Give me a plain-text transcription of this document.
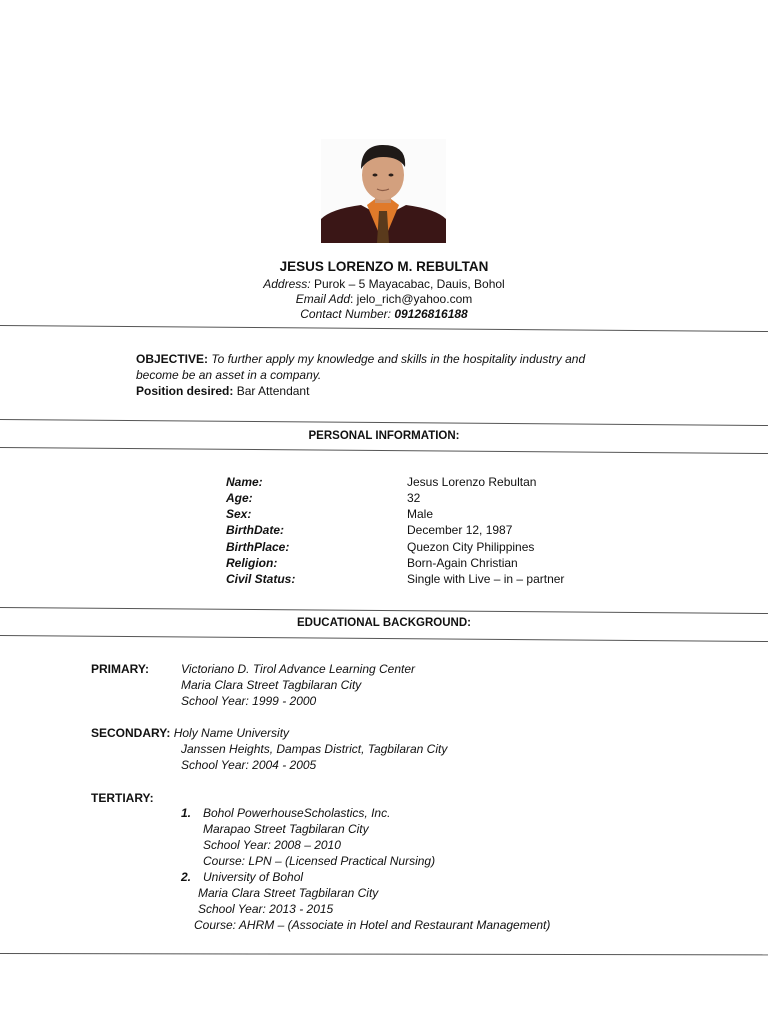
JESUS LORENZO M. REBULTAN
Address: Purok – 5 Mayacabac, Dauis, Bohol
Email Add: jelo_rich@yahoo.com
Contact Number: 09126816188
OBJECTIVE: To further apply my knowledge and skills in the hospitality industry and
become be an asset in a company.
Position desired: Bar Attendant
PERSONAL INFORMATION:
Name:	Jesus Lorenzo Rebultan
Age:	32
Sex:	Male
BirthDate:	December 12, 1987
BirthPlace:	Quezon City Philippines
Religion:	Born-Again Christian
Civil Status:	Single with Live – in – partner
EDUCATIONAL BACKGROUND:
PRIMARY:	Victoriano D. Tirol Advance Learning Center
Maria Clara Street Tagbilaran City
School Year: 1999 - 2000
SECONDARY: Holy Name University
Janssen Heights, Dampas District, Tagbilaran City
School Year: 2004 - 2005
TERTIARY:
1. Bohol PowerhouseScholastics, Inc.
Marapao Street Tagbilaran City
School Year: 2008 – 2010
Course: LPN – (Licensed Practical Nursing)
2. University of Bohol
Maria Clara Street Tagbilaran City
School Year: 2013 - 2015
Course: AHRM – (Associate in Hotel and Restaurant Management)
